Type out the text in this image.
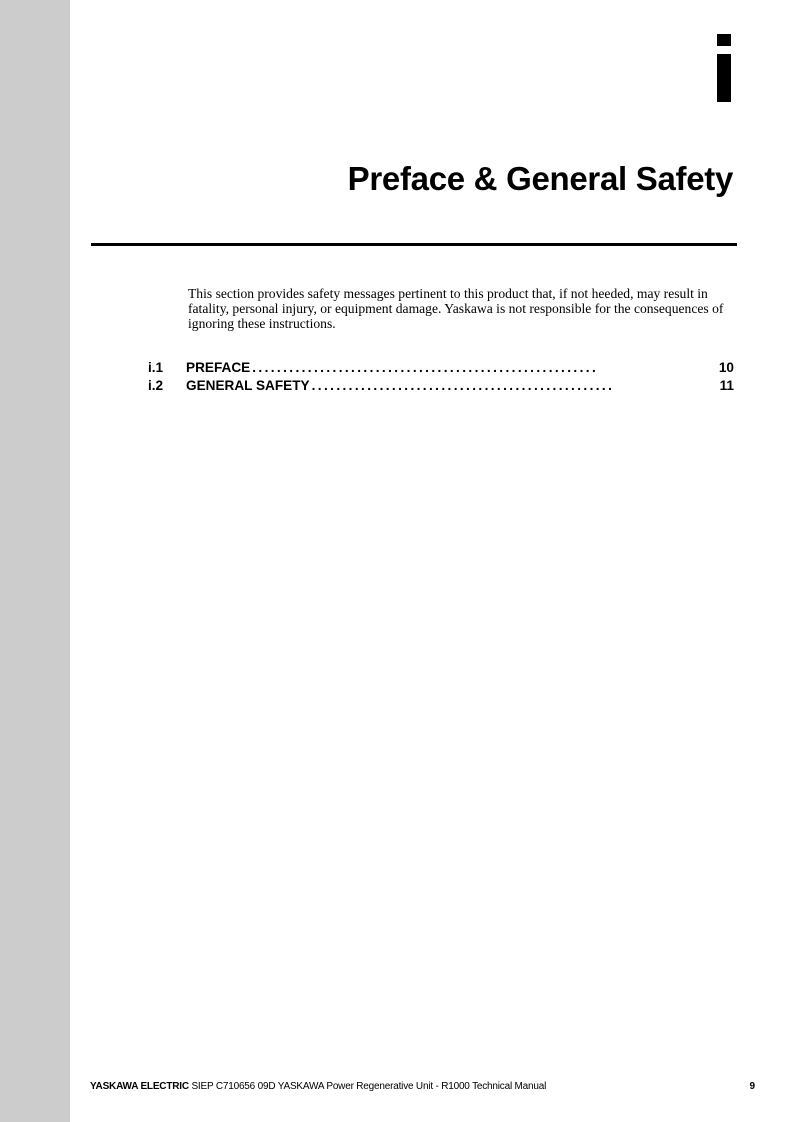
Preface & General Safety

This section provides safety messages pertinent to this product that, if not heeded, may result in fatality, personal injury, or equipment damage. Yaskawa is not responsible for the consequences of ignoring these instructions.

i.1	PREFACE ........................................................	10
i.2	GENERAL SAFETY .................................................	11
YASKAWA ELECTRIC SIEP C710656 09D YASKAWA Power Regenerative Unit - R1000 Technical Manual	9
